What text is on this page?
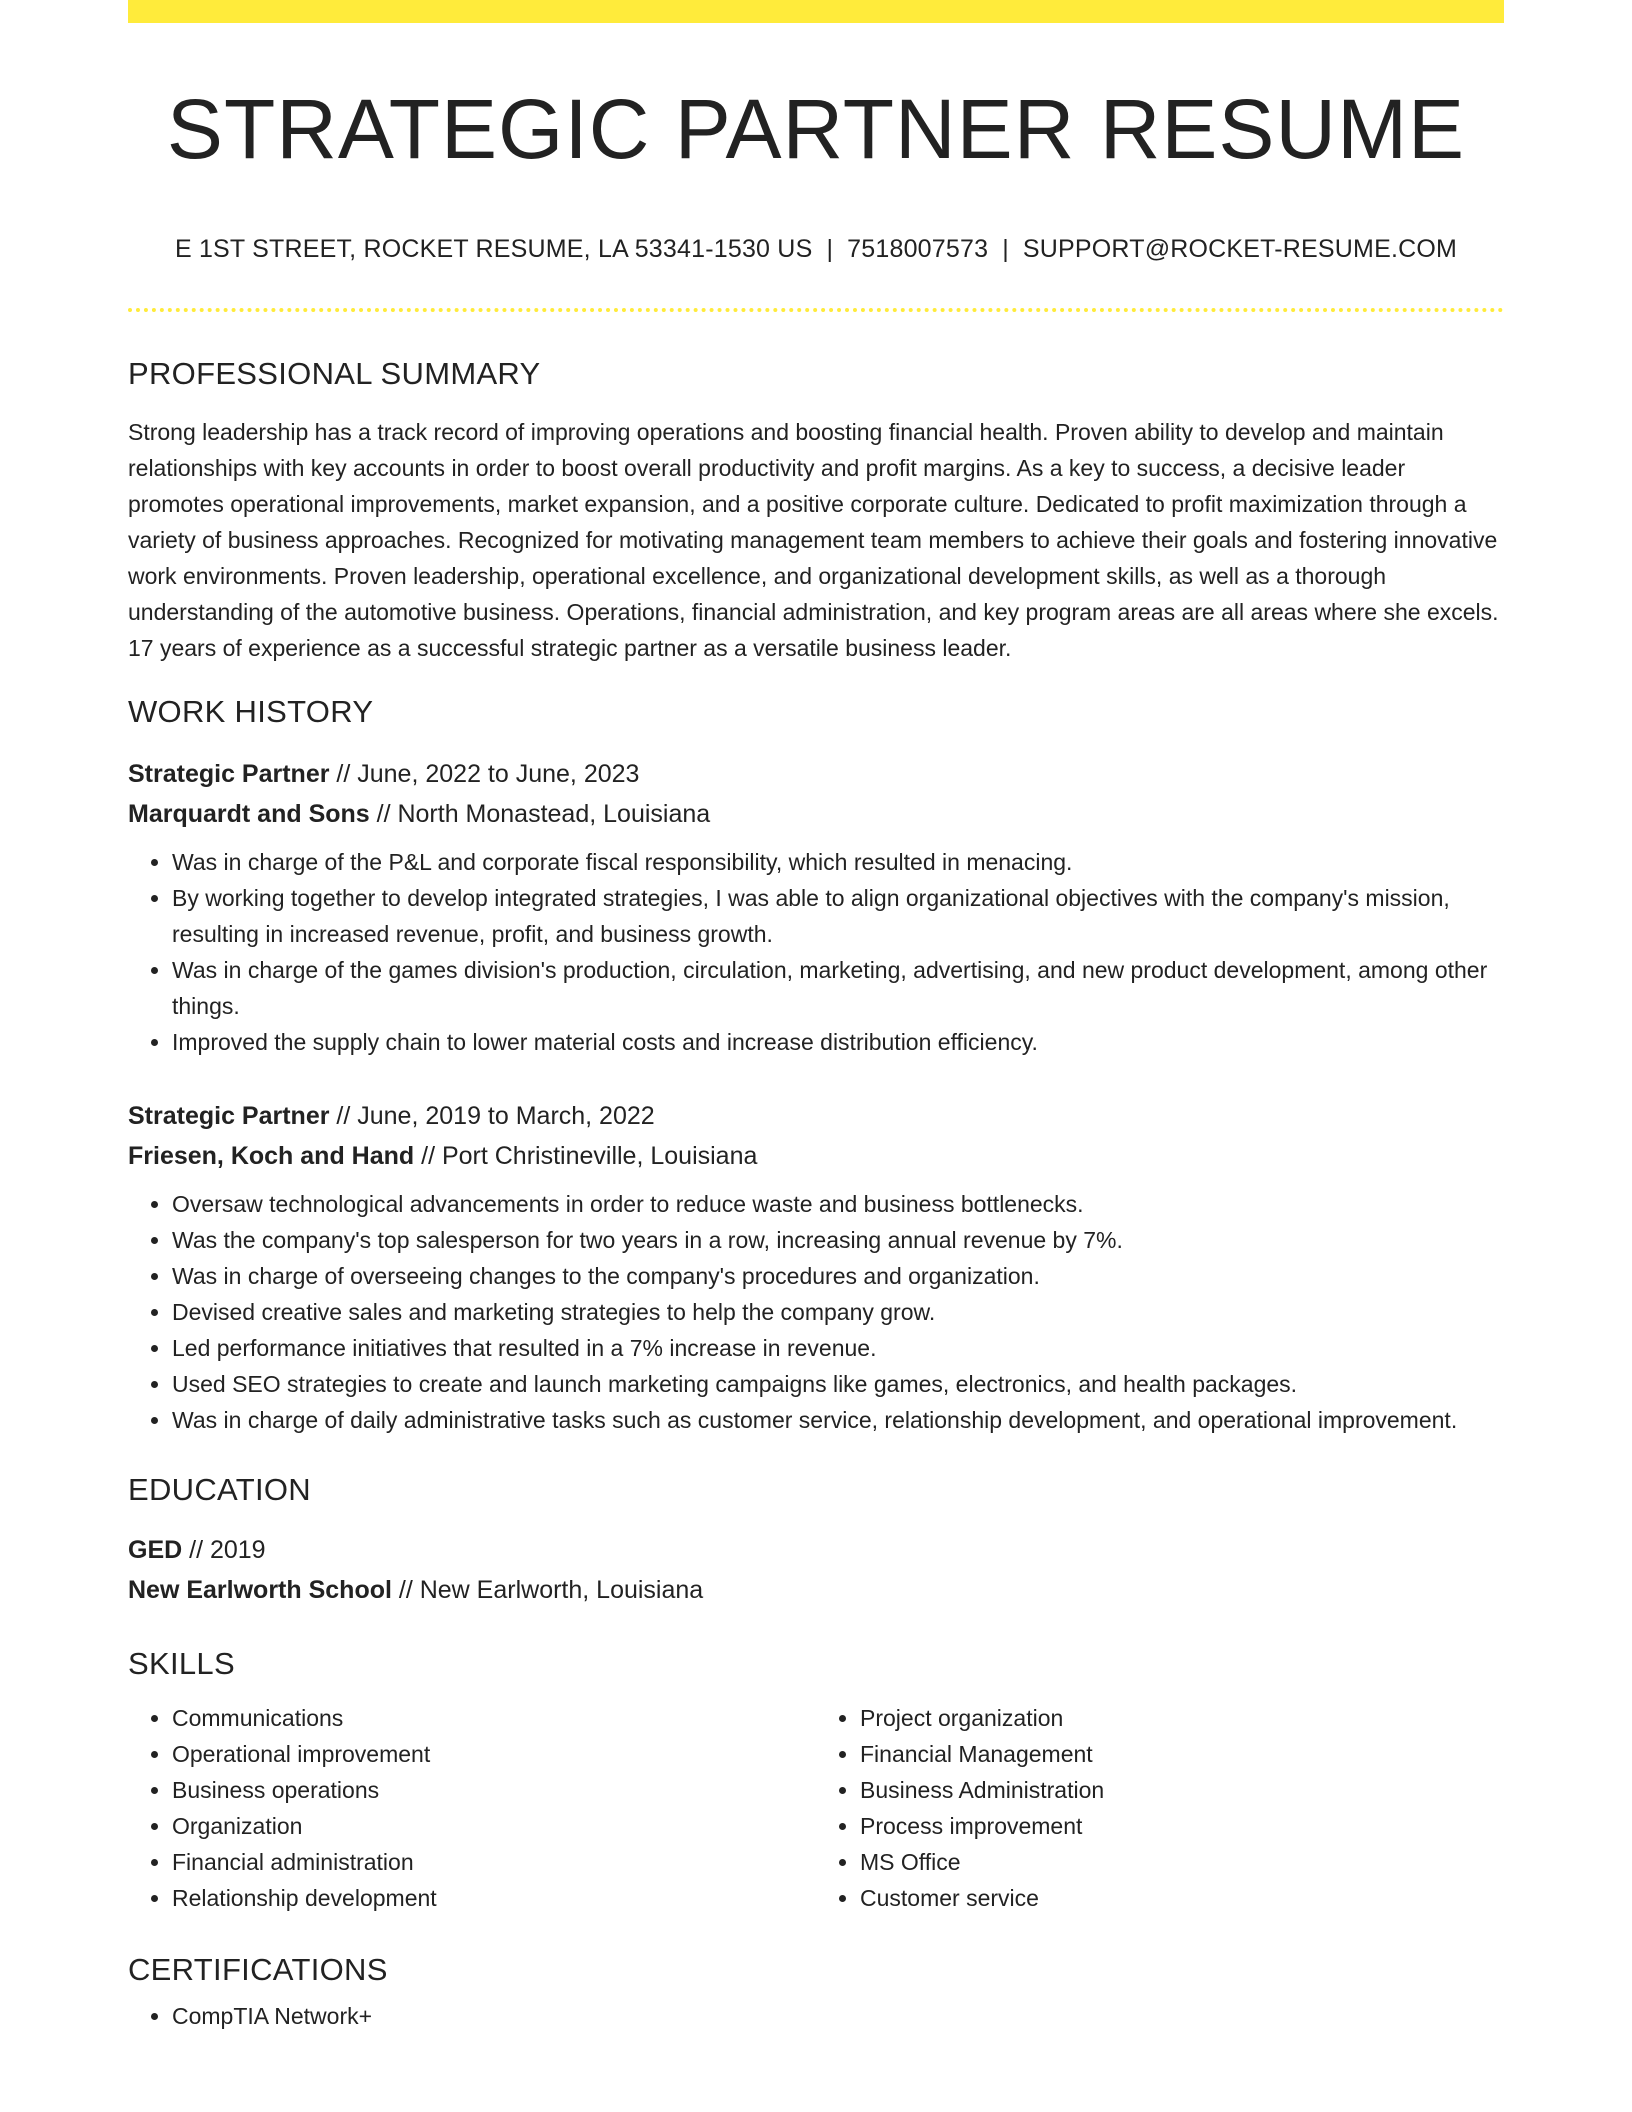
STRATEGIC PARTNER RESUME
E 1ST STREET, ROCKET RESUME, LA 53341-1530 US | 7518007573 | SUPPORT@ROCKET-RESUME.COM
PROFESSIONAL SUMMARY
Strong leadership has a track record of improving operations and boosting financial health. Proven ability to develop and maintain relationships with key accounts in order to boost overall productivity and profit margins. As a key to success, a decisive leader promotes operational improvements, market expansion, and a positive corporate culture. Dedicated to profit maximization through a variety of business approaches. Recognized for motivating management team members to achieve their goals and fostering innovative work environments. Proven leadership, operational excellence, and organizational development skills, as well as a thorough understanding of the automotive business. Operations, financial administration, and key program areas are all areas where she excels. 17 years of experience as a successful strategic partner as a versatile business leader.
WORK HISTORY
Strategic Partner // June, 2022 to June, 2023
Marquardt and Sons // North Monastead, Louisiana
• Was in charge of the P&L and corporate fiscal responsibility, which resulted in menacing.
• By working together to develop integrated strategies, I was able to align organizational objectives with the company's mission, resulting in increased revenue, profit, and business growth.
• Was in charge of the games division's production, circulation, marketing, advertising, and new product development, among other things.
• Improved the supply chain to lower material costs and increase distribution efficiency.
Strategic Partner // June, 2019 to March, 2022
Friesen, Koch and Hand // Port Christineville, Louisiana
• Oversaw technological advancements in order to reduce waste and business bottlenecks.
• Was the company's top salesperson for two years in a row, increasing annual revenue by 7%.
• Was in charge of overseeing changes to the company's procedures and organization.
• Devised creative sales and marketing strategies to help the company grow.
• Led performance initiatives that resulted in a 7% increase in revenue.
• Used SEO strategies to create and launch marketing campaigns like games, electronics, and health packages.
• Was in charge of daily administrative tasks such as customer service, relationship development, and operational improvement.
EDUCATION
GED // 2019
New Earlworth School // New Earlworth, Louisiana
SKILLS
• Communications
• Operational improvement
• Business operations
• Organization
• Financial administration
• Relationship development
• Project organization
• Financial Management
• Business Administration
• Process improvement
• MS Office
• Customer service
CERTIFICATIONS
• CompTIA Network+
